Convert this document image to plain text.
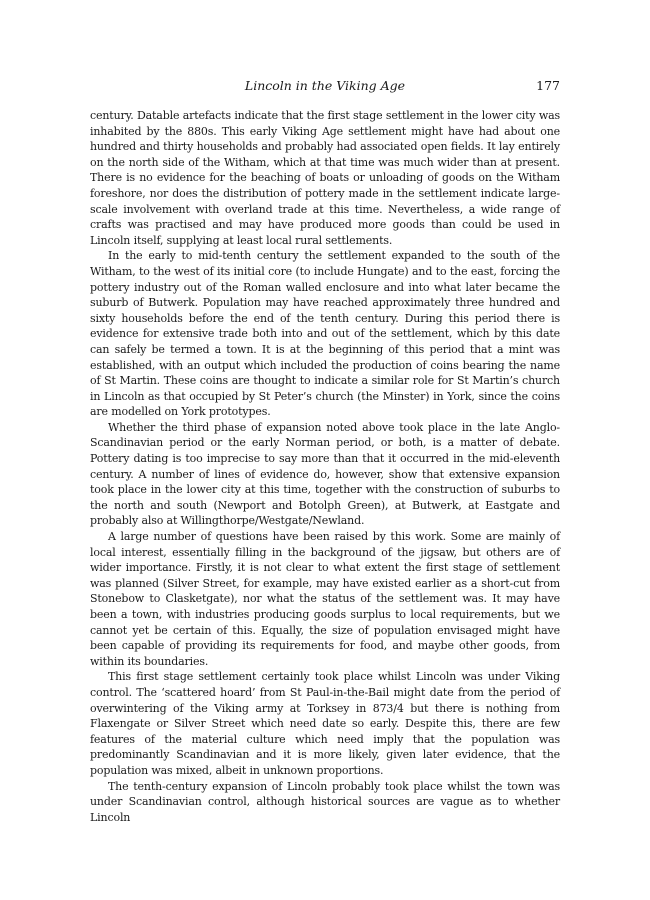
Lincoln in the Viking Age	177

century. Datable artefacts indicate that the first stage settlement in the lower city was inhabited by the 880s. This early Viking Age settlement might have had about one hundred and thirty households and probably had associated open fields. It lay entirely on the north side of the Witham, which at that time was much wider than at present. There is no evidence for the beaching of boats or unloading of goods on the Witham foreshore, nor does the distribution of pottery made in the settlement indicate large-scale involvement with overland trade at this time. Nevertheless, a wide range of crafts was practised and may have produced more goods than could be used in Lincoln itself, supplying at least local rural settlements.

In the early to mid-tenth century the settlement expanded to the south of the Witham, to the west of its initial core (to include Hungate) and to the east, forcing the pottery industry out of the Roman walled enclosure and into what later became the suburb of Butwerk. Population may have reached approximately three hundred and sixty households before the end of the tenth century. During this period there is evidence for extensive trade both into and out of the settlement, which by this date can safely be termed a town. It is at the beginning of this period that a mint was established, with an output which included the production of coins bearing the name of St Martin. These coins are thought to indicate a similar role for St Martin’s church in Lincoln as that occupied by St Peter’s church (the Minster) in York, since the coins are modelled on York prototypes.

Whether the third phase of expansion noted above took place in the late Anglo-Scandinavian period or the early Norman period, or both, is a matter of debate. Pottery dating is too imprecise to say more than that it occurred in the mid-eleventh century. A number of lines of evidence do, however, show that extensive expansion took place in the lower city at this time, together with the construction of suburbs to the north and south (Newport and Botolph Green), at Butwerk, at Eastgate and probably also at Willingthorpe/Westgate/Newland.

A large number of questions have been raised by this work. Some are mainly of local interest, essentially filling in the background of the jigsaw, but others are of wider importance. Firstly, it is not clear to what extent the first stage of settlement was planned (Silver Street, for example, may have existed earlier as a short-cut from Stonebow to Clasketgate), nor what the status of the settlement was. It may have been a town, with industries producing goods surplus to local requirements, but we cannot yet be certain of this. Equally, the size of population envisaged might have been capable of providing its requirements for food, and maybe other goods, from within its boundaries.

This first stage settlement certainly took place whilst Lincoln was under Viking control. The ‘scattered hoard’ from St Paul-in-the-Bail might date from the period of overwintering of the Viking army at Torksey in 873/4 but there is nothing from Flaxengate or Silver Street which need date so early. Despite this, there are few features of the material culture which need imply that the population was predominantly Scandinavian and it is more likely, given later evidence, that the population was mixed, albeit in unknown proportions.

The tenth-century expansion of Lincoln probably took place whilst the town was under Scandinavian control, although historical sources are vague as to whether Lincoln
